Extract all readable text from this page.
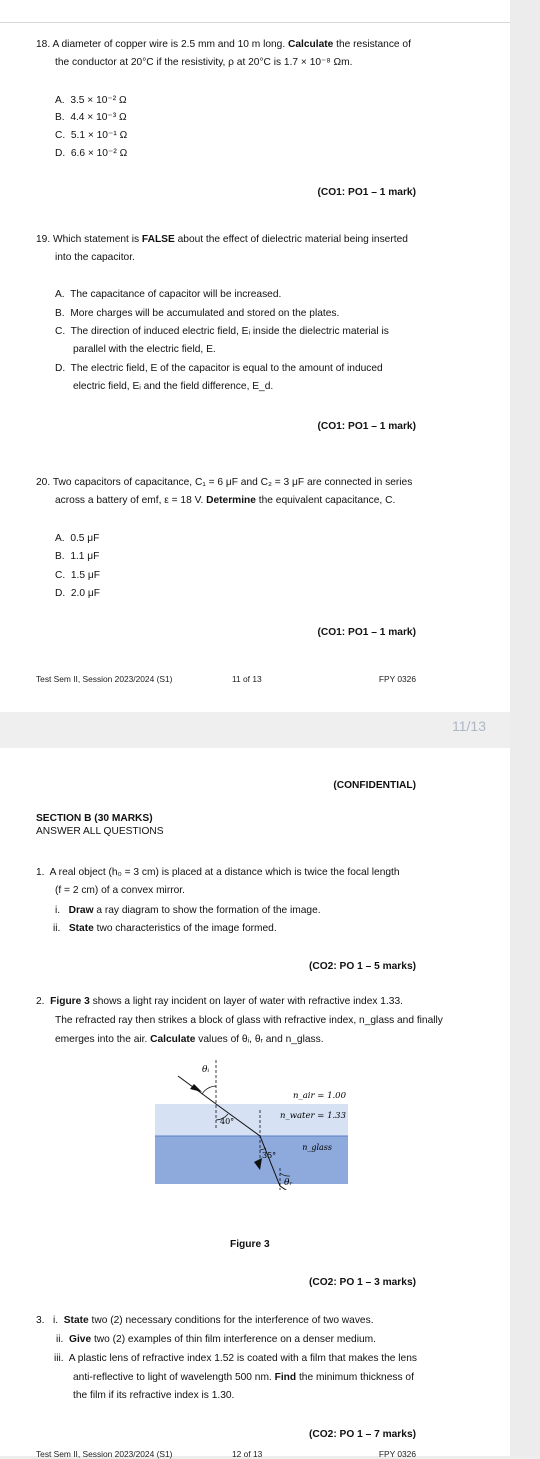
18. A diameter of copper wire is 2.5 mm and 10 m long. Calculate the resistance of
the conductor at 20°C if the resistivity, ρ at 20°C is 1.7 × 10⁻⁸ Ωm.
A. 3.5 × 10⁻² Ω
B. 4.4 × 10⁻³ Ω
C. 5.1 × 10⁻¹ Ω
D. 6.6 × 10⁻² Ω
(CO1: PO1 – 1 mark)
19. Which statement is FALSE about the effect of dielectric material being inserted
into the capacitor.
A. The capacitance of capacitor will be increased.
B. More charges will be accumulated and stored on the plates.
C. The direction of induced electric field, Eᵢ inside the dielectric material is
parallel with the electric field, E.
D. The electric field, E of the capacitor is equal to the amount of induced
electric field, Eᵢ and the field difference, E_d.
(CO1: PO1 – 1 mark)
20. Two capacitors of capacitance, C₁ = 6 μF and C₂ = 3 μF are connected in series
across a battery of emf, ε = 18 V. Determine the equivalent capacitance, C.
A. 0.5 μF
B. 1.1 μF
C. 1.5 μF
D. 2.0 μF
(CO1: PO1 – 1 mark)
Test Sem II, Session 2023/2024 (S1)	11 of 13	FPY 0326
11/13
(CONFIDENTIAL)
SECTION B (30 MARKS)
ANSWER ALL QUESTIONS
1. A real object (h₀ = 3 cm) is placed at a distance which is twice the focal length
(f = 2 cm) of a convex mirror.
i. Draw a ray diagram to show the formation of the image.
ii. State two characteristics of the image formed.
(CO2: PO 1 – 5 marks)
2. Figure 3 shows a light ray incident on layer of water with refractive index 1.33.
The refracted ray then strikes a block of glass with refractive index, n_glass and finally
emerges into the air. Calculate values of θᵢ, θᵣ and n_glass.
θᵢ
40°
35°
θᵣ
n_air = 1.00
n_water = 1.33
n_glass
Figure 3
(CO2: PO 1 – 3 marks)
3. i. State two (2) necessary conditions for the interference of two waves.
ii. Give two (2) examples of thin film interference on a denser medium.
iii. A plastic lens of refractive index 1.52 is coated with a film that makes the lens
anti-reflective to light of wavelength 500 nm. Find the minimum thickness of
the film if its refractive index is 1.30.
(CO2: PO 1 – 7 marks)
Test Sem II, Session 2023/2024 (S1)	12 of 13	FPY 0326
